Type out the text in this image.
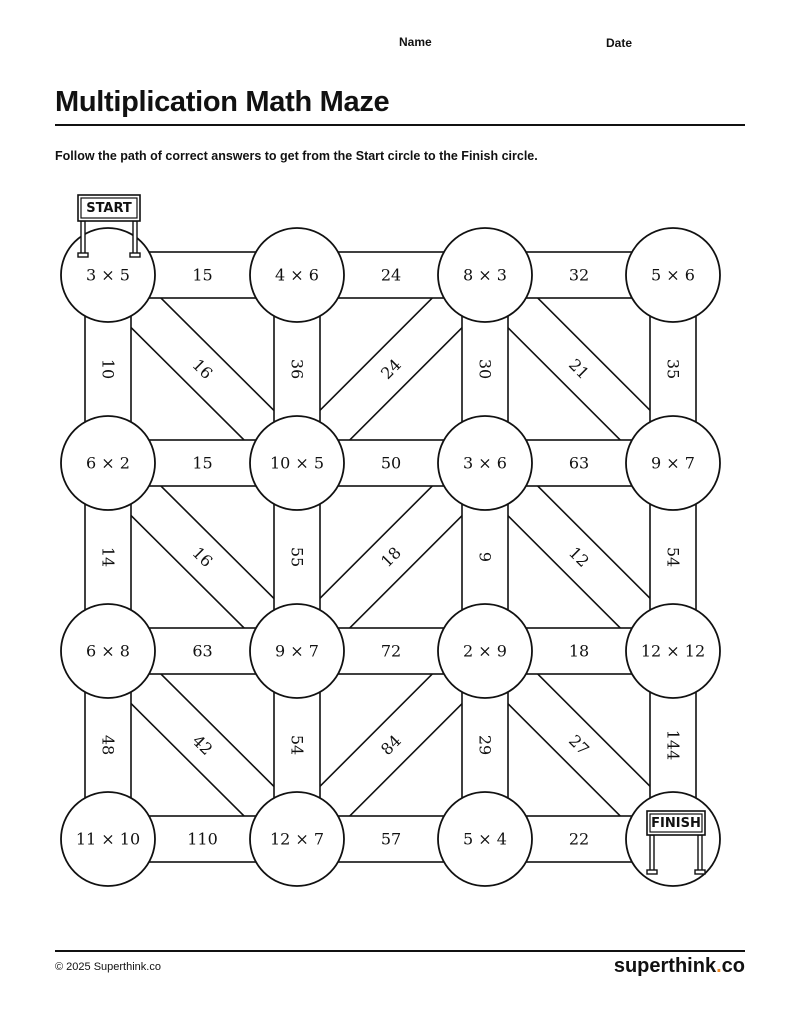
Name	Date
Multiplication Math Maze
Follow the path of correct answers to get from the Start circle to the Finish circle.
16	24	21
16	18	12
42	84	27
15	24	32
15	50	63
63	72	18
110	57	22
10	36	30	35
14	55	9	54
48	54	29	144
3 × 5	4 × 6	8 × 3	5 × 6
6 × 2	10 × 5	3 × 6	9 × 7
6 × 8	9 × 7	2 × 9	12 × 12
11 × 10	12 × 7	5 × 4
START
FINISH
© 2025 Superthink.co	superthink.co
